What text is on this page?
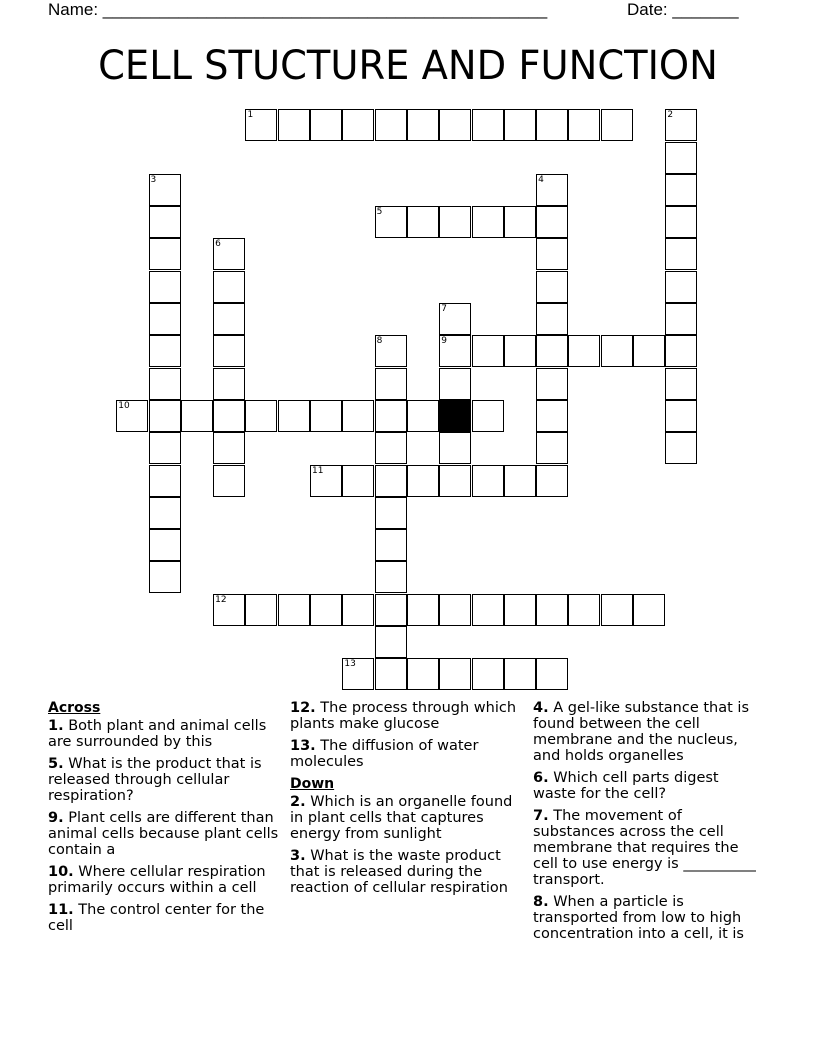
Name: _______________________________________________	Date: _______
CELL STUCTURE AND FUNCTION
1	2
3	4
5
6
7
9
8
10
11
12
13
Across
1. Both plant and animal cells are surrounded by this
5. What is the product that is released through cellular respiration?
9. Plant cells are different than animal cells because plant cells contain a
10. Where cellular respiration primarily occurs within a cell
11. The control center for the cell
12. The process through which plants make glucose
13. The diffusion of water molecules
Down
2. Which is an organelle found in plant cells that captures energy from sunlight
3. What is the waste product that is released during the reaction of cellular respiration
4. A gel-like substance that is found between the cell membrane and the nucleus, and holds organelles
6. Which cell parts digest waste for the cell?
7. The movement of substances across the cell membrane that requires the cell to use energy is __________ transport.
8. When a particle is transported from low to high concentration into a cell, it is
